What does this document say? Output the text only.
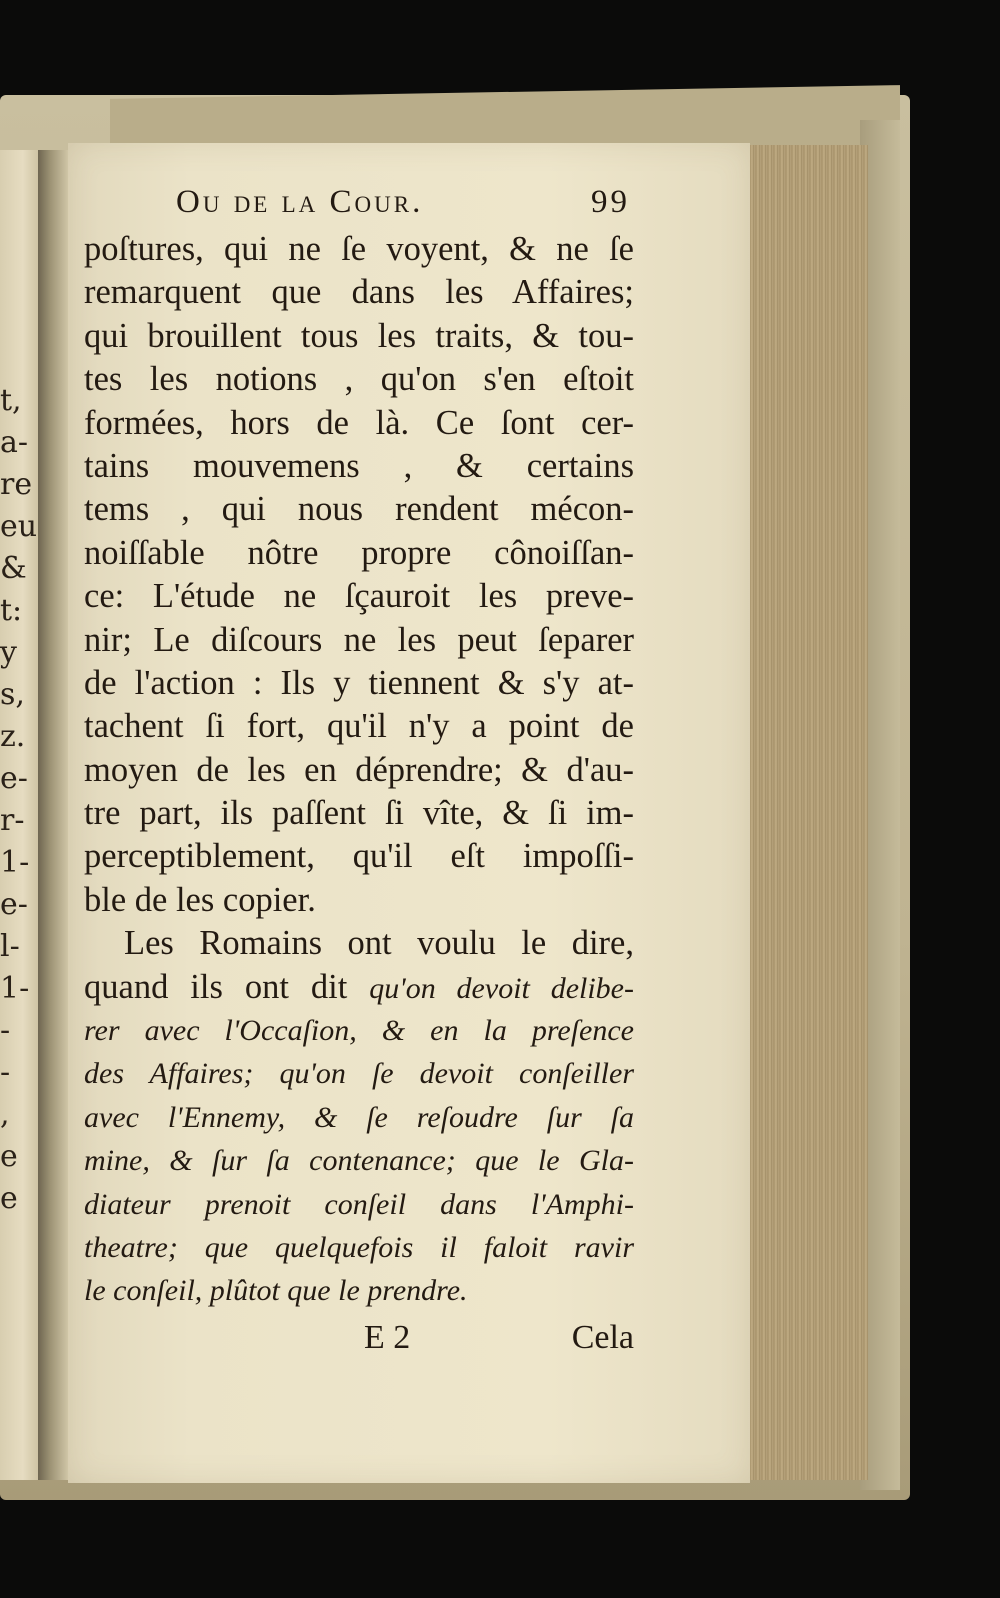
t,
a-
re
eu
&
t:
y
s,
z.
e-
r-
1-
e-
l-
1-
-
-
,
e
e
Ou de la Cour.	99
poſtures, qui ne ſe voyent, & ne ſe
remarquent que dans les Affaires;
qui brouillent tous les traits, & tou-
tes les notions , qu'on s'en eſtoit
formées, hors de là. Ce ſont cer-
tains mouvemens , & certains
tems , qui nous rendent mécon-
noiſſable nôtre propre cônoiſſan-
ce: L'étude ne ſçauroit les preve-
nir; Le diſcours ne les peut ſeparer
de l'action : Ils y tiennent & s'y at-
tachent ſi fort, qu'il n'y a point de
moyen de les en déprendre; & d'au-
tre part, ils paſſent ſi vîte, & ſi im-
perceptiblement, qu'il eſt impoſſi-
ble de les copier.
Les Romains ont voulu le dire,
quand ils ont dit qu'on devoit delibe-
rer avec l'Occaſion, & en la preſence
des Affaires; qu'on ſe devoit conſeiller
avec l'Ennemy, & ſe reſoudre ſur ſa
mine, & ſur ſa contenance; que le Gla-
diateur prenoit conſeil dans l'Amphi-
theatre; que quelquefois il faloit ravir
le conſeil, plûtot que le prendre.
E 2	Cela
